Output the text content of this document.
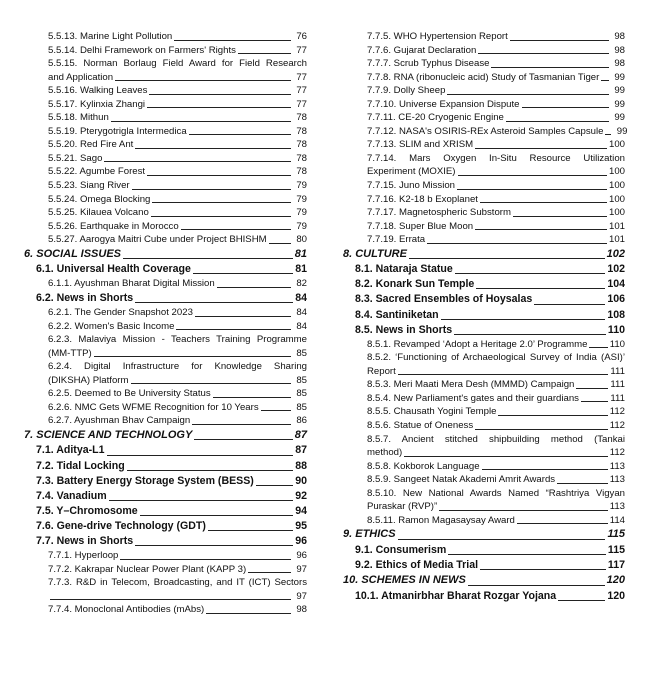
5.5.13. Marine Light Pollution	76
5.5.14. Delhi Framework on Farmers' Rights	77
5.5.15. Norman Borlaug Field Award for Field Research
and Application	77
5.5.16. Walking Leaves	77
5.5.17. Kylinxia Zhangi	77
5.5.18. Mithun	78
5.5.19. Pterygotrigla Intermedica	78
5.5.20. Red Fire Ant	78
5.5.21. Sago	78
5.5.22. Agumbe Forest	78
5.5.23. Siang River	79
5.5.24. Omega Blocking	79
5.5.25. Kilauea Volcano	79
5.5.26. Earthquake in Morocco	79
5.5.27. Aarogya Maitri Cube under Project BHISHM	80
6. SOCIAL ISSUES	81
6.1. Universal Health Coverage	81
6.1.1. Ayushman Bharat Digital Mission	82
6.2. News in Shorts	84
6.2.1. The Gender Snapshot 2023	84
6.2.2. Women's Basic Income	84
6.2.3. Malaviya Mission - Teachers Training Programme
(MM-TTP)	85
6.2.4. Digital Infrastructure for Knowledge Sharing
(DIKSHA) Platform	85
6.2.5. Deemed to Be University Status	85
6.2.6. NMC Gets WFME Recognition for 10 Years	85
6.2.7. Ayushman Bhav Campaign	86
7. SCIENCE AND TECHNOLOGY	87
7.1. Aditya-L1	87
7.2. Tidal Locking	88
7.3. Battery Energy Storage System (BESS)	90
7.4. Vanadium	92
7.5. Y–Chromosome	94
7.6. Gene-drive Technology (GDT)	95
7.7. News in Shorts	96
7.7.1. Hyperloop	96
7.7.2. Kakrapar Nuclear Power Plant (KAPP 3)	97
7.7.3. R&D in Telecom, Broadcasting, and IT (ICT) Sectors
97
7.7.4. Monoclonal Antibodies (mAbs)	98
7.7.5. WHO Hypertension Report	98
7.7.6. Gujarat Declaration	98
7.7.7. Scrub Typhus Disease	98
7.7.8. RNA (ribonucleic acid) Study of Tasmanian Tiger	99
7.7.9. Dolly Sheep	99
7.7.10. Universe Expansion Dispute	99
7.7.11. CE-20 Cryogenic Engine	99
7.7.12. NASA's OSIRIS-REx Asteroid Samples Capsule	99
7.7.13. SLIM and XRISM	100
7.7.14. Mars Oxygen In-Situ Resource Utilization
Experiment (MOXIE)	100
7.7.15. Juno Mission	100
7.7.16. K2-18 b Exoplanet	100
7.7.17. Magnetospheric Substorm	100
7.7.18. Super Blue Moon	101
7.7.19. Errata	101
8. CULTURE	102
8.1. Nataraja Statue	102
8.2. Konark Sun Temple	104
8.3. Sacred Ensembles of Hoysalas	106
8.4. Santiniketan	108
8.5. News in Shorts	110
8.5.1. Revamped ‘Adopt a Heritage 2.0’ Programme 110
8.5.2. ‘Functioning of Archaeological Survey of India (ASI)’
Report	111
8.5.3. Meri Maati Mera Desh (MMMD) Campaign	111
8.5.4. New Parliament's gates and their guardians	111
8.5.5. Chausath Yogini Temple	112
8.5.6. Statue of Oneness	112
8.5.7. Ancient stitched shipbuilding method (Tankai
method)	112
8.5.8. Kokborok Language	113
8.5.9. Sangeet Natak Akademi Amrit Awards	113
8.5.10. New National Awards Named “Rashtriya Vigyan
Puraskar (RVP)”	113
8.5.11. Ramon Magasaysay Award	114
9. ETHICS	115
9.1. Consumerism	115
9.2. Ethics of Media Trial	117
10. SCHEMES IN NEWS	120
10.1. Atmanirbhar Bharat Rozgar Yojana	120
